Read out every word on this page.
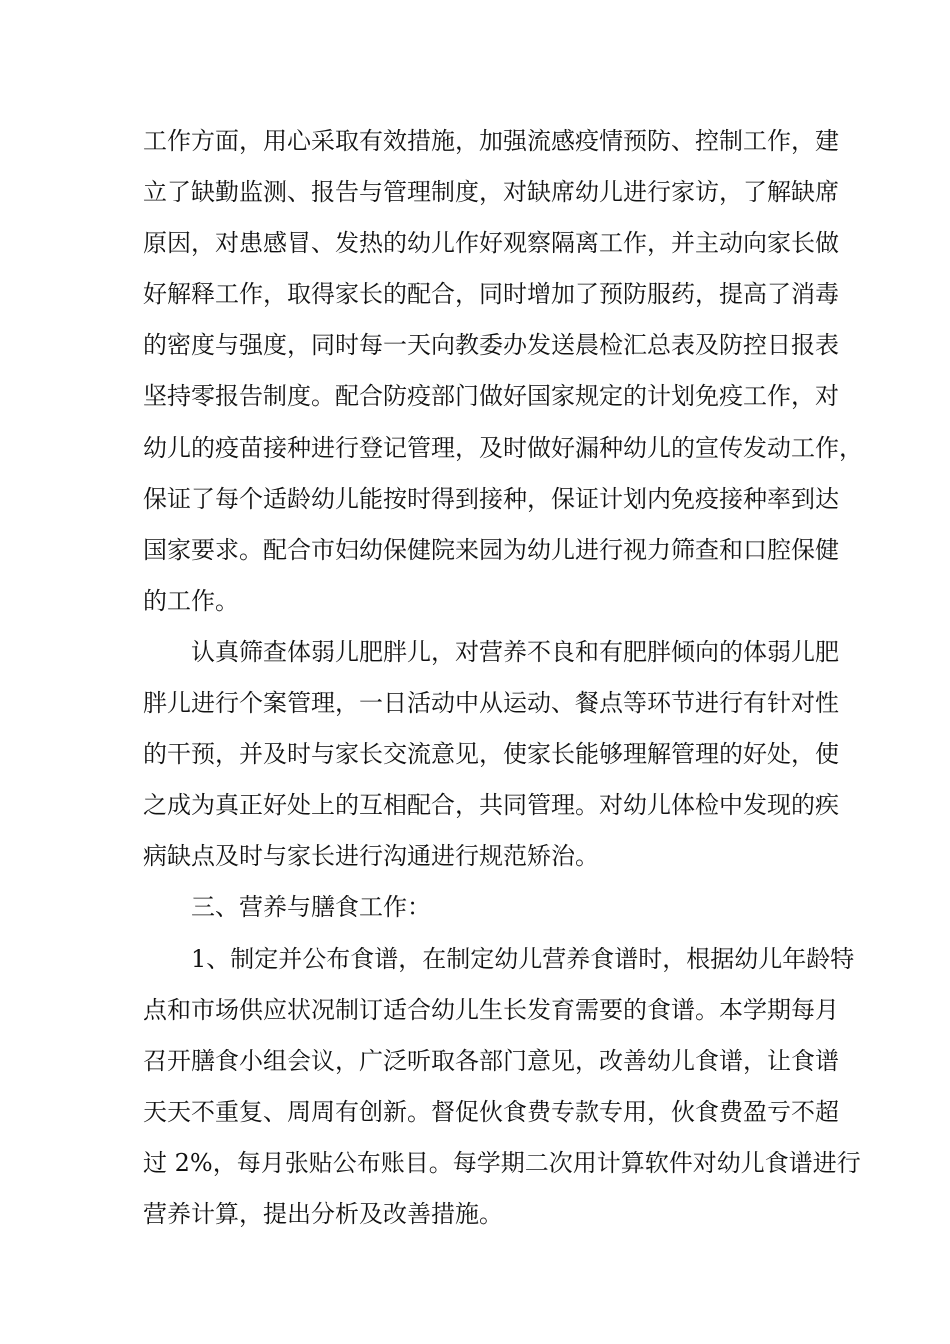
工作方面，用心采取有效措施，加强流感疫情预防、控制工作，建
立了缺勤监测、报告与管理制度，对缺席幼儿进行家访，了解缺席
原因，对患感冒、发热的幼儿作好观察隔离工作，并主动向家长做
好解释工作，取得家长的配合，同时增加了预防服药，提高了消毒
的密度与强度，同时每一天向教委办发送晨检汇总表及防控日报表
坚持零报告制度。配合防疫部门做好国家规定的计划免疫工作，对
幼儿的疫苗接种进行登记管理，及时做好漏种幼儿的宣传发动工作，
保证了每个适龄幼儿能按时得到接种，保证计划内免疫接种率到达
国家要求。配合市妇幼保健院来园为幼儿进行视力筛查和口腔保健
的工作。
认真筛查体弱儿肥胖儿，对营养不良和有肥胖倾向的体弱儿肥
胖儿进行个案管理，一日活动中从运动、餐点等环节进行有针对性
的干预，并及时与家长交流意见，使家长能够理解管理的好处，使
之成为真正好处上的互相配合，共同管理。对幼儿体检中发现的疾
病缺点及时与家长进行沟通进行规范矫治。
三、营养与膳食工作：
1、制定并公布食谱，在制定幼儿营养食谱时，根据幼儿年龄特
点和市场供应状况制订适合幼儿生长发育需要的食谱。本学期每月
召开膳食小组会议，广泛听取各部门意见，改善幼儿食谱，让食谱
天天不重复、周周有创新。督促伙食费专款专用，伙食费盈亏不超
过 2%，每月张贴公布账目。每学期二次用计算软件对幼儿食谱进行
营养计算，提出分析及改善措施。
